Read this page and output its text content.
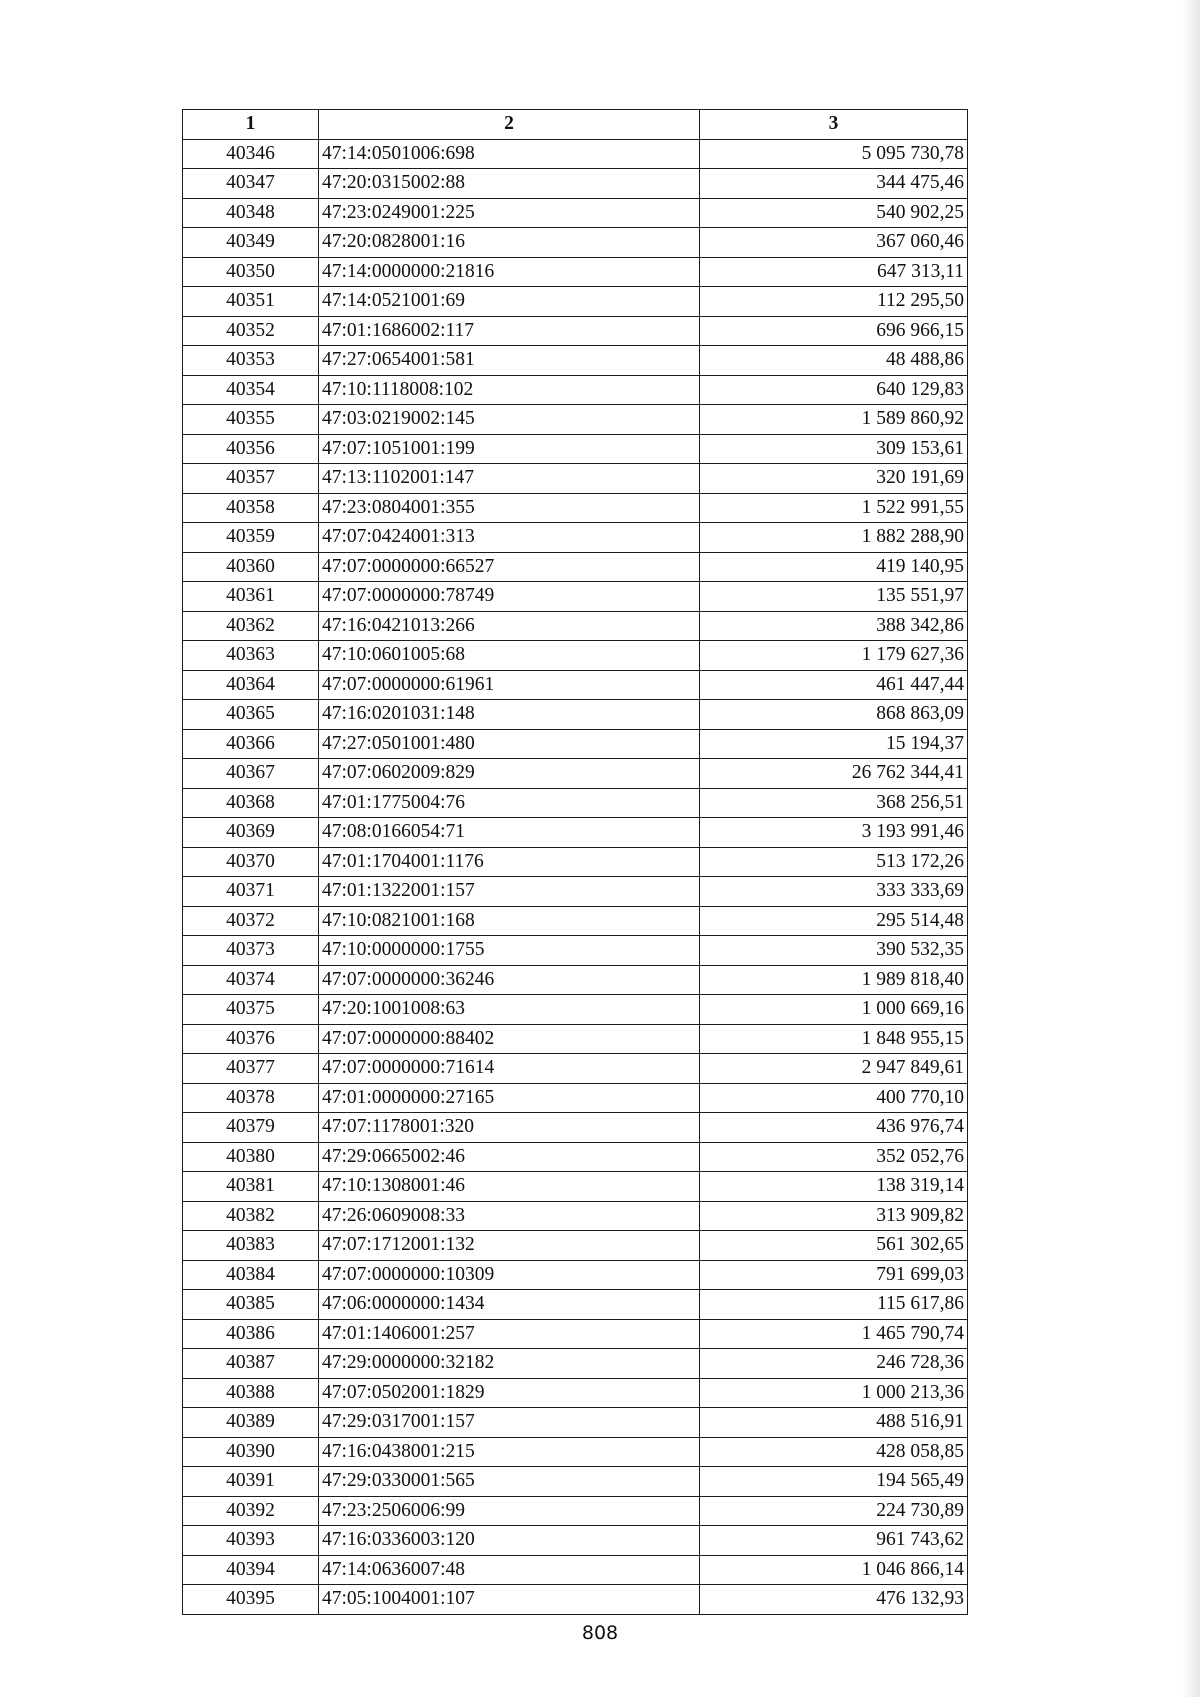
1	2	3
40346	47:14:0501006:698	5 095 730,78
40347	47:20:0315002:88	344 475,46
40348	47:23:0249001:225	540 902,25
40349	47:20:0828001:16	367 060,46
40350	47:14:0000000:21816	647 313,11
40351	47:14:0521001:69	112 295,50
40352	47:01:1686002:117	696 966,15
40353	47:27:0654001:581	48 488,86
40354	47:10:1118008:102	640 129,83
40355	47:03:0219002:145	1 589 860,92
40356	47:07:1051001:199	309 153,61
40357	47:13:1102001:147	320 191,69
40358	47:23:0804001:355	1 522 991,55
40359	47:07:0424001:313	1 882 288,90
40360	47:07:0000000:66527	419 140,95
40361	47:07:0000000:78749	135 551,97
40362	47:16:0421013:266	388 342,86
40363	47:10:0601005:68	1 179 627,36
40364	47:07:0000000:61961	461 447,44
40365	47:16:0201031:148	868 863,09
40366	47:27:0501001:480	15 194,37
40367	47:07:0602009:829	26 762 344,41
40368	47:01:1775004:76	368 256,51
40369	47:08:0166054:71	3 193 991,46
40370	47:01:1704001:1176	513 172,26
40371	47:01:1322001:157	333 333,69
40372	47:10:0821001:168	295 514,48
40373	47:10:0000000:1755	390 532,35
40374	47:07:0000000:36246	1 989 818,40
40375	47:20:1001008:63	1 000 669,16
40376	47:07:0000000:88402	1 848 955,15
40377	47:07:0000000:71614	2 947 849,61
40378	47:01:0000000:27165	400 770,10
40379	47:07:1178001:320	436 976,74
40380	47:29:0665002:46	352 052,76
40381	47:10:1308001:46	138 319,14
40382	47:26:0609008:33	313 909,82
40383	47:07:1712001:132	561 302,65
40384	47:07:0000000:10309	791 699,03
40385	47:06:0000000:1434	115 617,86
40386	47:01:1406001:257	1 465 790,74
40387	47:29:0000000:32182	246 728,36
40388	47:07:0502001:1829	1 000 213,36
40389	47:29:0317001:157	488 516,91
40390	47:16:0438001:215	428 058,85
40391	47:29:0330001:565	194 565,49
40392	47:23:2506006:99	224 730,89
40393	47:16:0336003:120	961 743,62
40394	47:14:0636007:48	1 046 866,14
40395	47:05:1004001:107	476 132,93
808
